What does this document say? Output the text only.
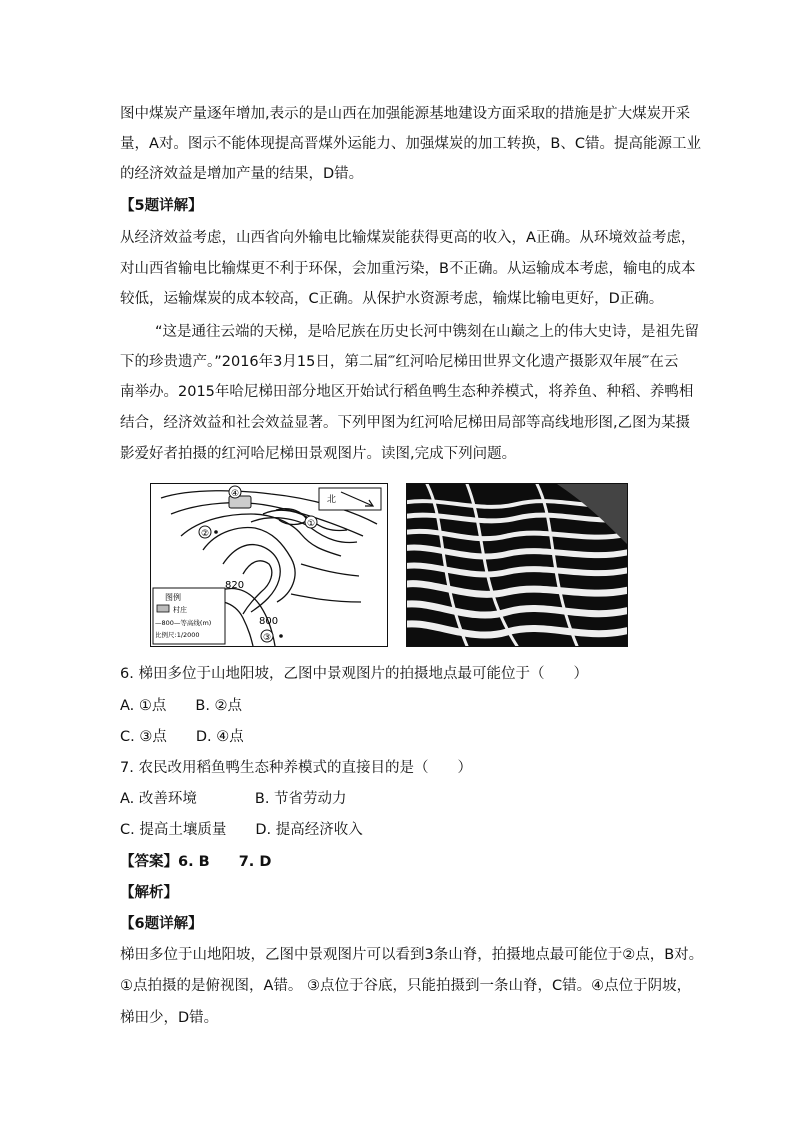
图中煤炭产量逐年增加,表示的是山西在加强能源基地建设方面采取的措施是扩大煤炭开采
量，A对。图示不能体现提高晋煤外运能力、加强煤炭的加工转换，B、C错。提高能源工业
的经济效益是增加产量的结果，D错。
【5题详解】
从经济效益考虑，山西省向外输电比输煤炭能获得更高的收入，A正确。从环境效益考虑，
对山西省输电比输煤更不利于环保，会加重污染，B不正确。从运输成本考虑，输电的成本
较低，运输煤炭的成本较高，C正确。从保护水资源考虑，输煤比输电更好，D正确。
“这是通往云端的天梯，是哈尼族在历史长河中镌刻在山巅之上的伟大史诗，是祖先留
下的珍贵遗产。”2016年3月15日，第二届‴红河哈尼梯田世界文化遗产摄影双年展‴在云
南举办。2015年哈尼梯田部分地区开始试行稻鱼鸭生态种养模式，将养鱼、种稻、养鸭相
结合，经济效益和社会效益显著。下列甲图为红河哈尼梯田局部等高线地形图,乙图为某摄
影爱好者拍摄的红河哈尼梯田景观图片。读图,完成下列问题。
北
④
①
②
820
800
③
图例
村庄
—800—等高线(m)
比例尺:1/2000
6. 梯田多位于山地阳坡，乙图中景观图片的拍摄地点最可能位于（　　）
A. ①点　　B. ②点
C. ③点　　D. ④点
7. 农民改用稻鱼鸭生态种养模式的直接目的是（　　）
A. 改善环境　　　　B. 节省劳动力
C. 提高土壤质量　　D. 提高经济收入
【答案】6. B　　7. D
【解析】
【6题详解】
梯田多位于山地阳坡，乙图中景观图片可以看到3条山脊，拍摄地点最可能位于②点，B对。
①点拍摄的是俯视图，A错。 ③点位于谷底，只能拍摄到一条山脊，C错。④点位于阴坡，
梯田少，D错。
